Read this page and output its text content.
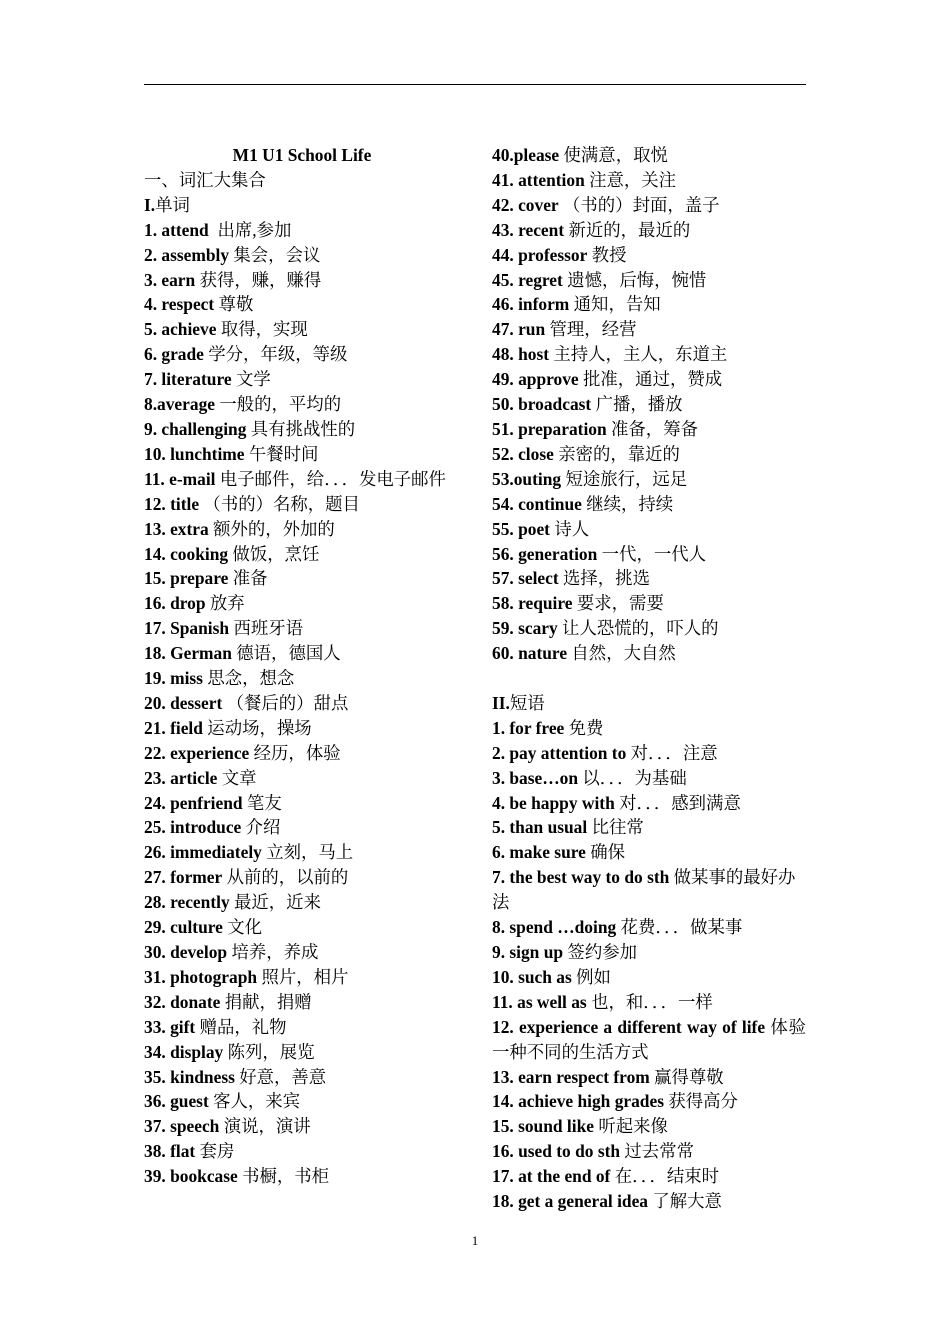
M1 U1 School Life
一、词汇大集合
I.单词
1. attend 出席,参加
2. assembly 集会，会议
3. earn 获得，赚，赚得
4. respect 尊敬
5. achieve 取得，实现
6. grade 学分，年级，等级
7. literature 文学
8.average 一般的，平均的
9. challenging 具有挑战性的
10. lunchtime 午餐时间
11. e-mail 电子邮件，给．．．发电子邮件
12. title （书的）名称，题目
13. extra 额外的，外加的
14. cooking 做饭，烹饪
15. prepare 准备
16. drop 放弃
17. Spanish 西班牙语
18. German 德语，德国人
19. miss 思念，想念
20. dessert （餐后的）甜点
21. field 运动场，操场
22. experience 经历，体验
23. article 文章
24. penfriend 笔友
25. introduce 介绍
26. immediately 立刻，马上
27. former 从前的，以前的
28. recently 最近，近来
29. culture 文化
30. develop 培养，养成
31. photograph 照片，相片
32. donate 捐献，捐赠
33. gift 赠品，礼物
34. display 陈列，展览
35. kindness 好意，善意
36. guest 客人，来宾
37. speech 演说，演讲
38. flat 套房
39. bookcase 书橱，书柜
40.please 使满意，取悦
41. attention 注意，关注
42. cover （书的）封面，盖子
43. recent 新近的，最近的
44. professor 教授
45. regret 遗憾，后悔，惋惜
46. inform 通知，告知
47. run 管理，经营
48. host 主持人，主人，东道主
49. approve 批准，通过，赞成
50. broadcast 广播，播放
51. preparation 准备，筹备
52. close 亲密的，靠近的
53.outing 短途旅行，远足
54. continue 继续，持续
55. poet 诗人
56. generation 一代，一代人
57. select 选择，挑选
58. require 要求，需要
59. scary 让人恐慌的，吓人的
60. nature 自然，大自然
II.短语
1. for free 免费
2. pay attention to 对．．．注意
3. base…on 以．．．为基础
4. be happy with 对．．．感到满意
5. than usual 比往常
6. make sure 确保
7. the best way to do sth 做某事的最好办法
8. spend …doing 花费．．．做某事
9. sign up 签约参加
10. such as 例如
11. as well as 也，和．．．一样
12. experience a different way of life 体验一种不同的生活方式
13. earn respect from 赢得尊敬
14. achieve high grades 获得高分
15. sound like 听起来像
16. used to do sth 过去常常
17. at the end of 在．．．结束时
18. get a general idea 了解大意
1
